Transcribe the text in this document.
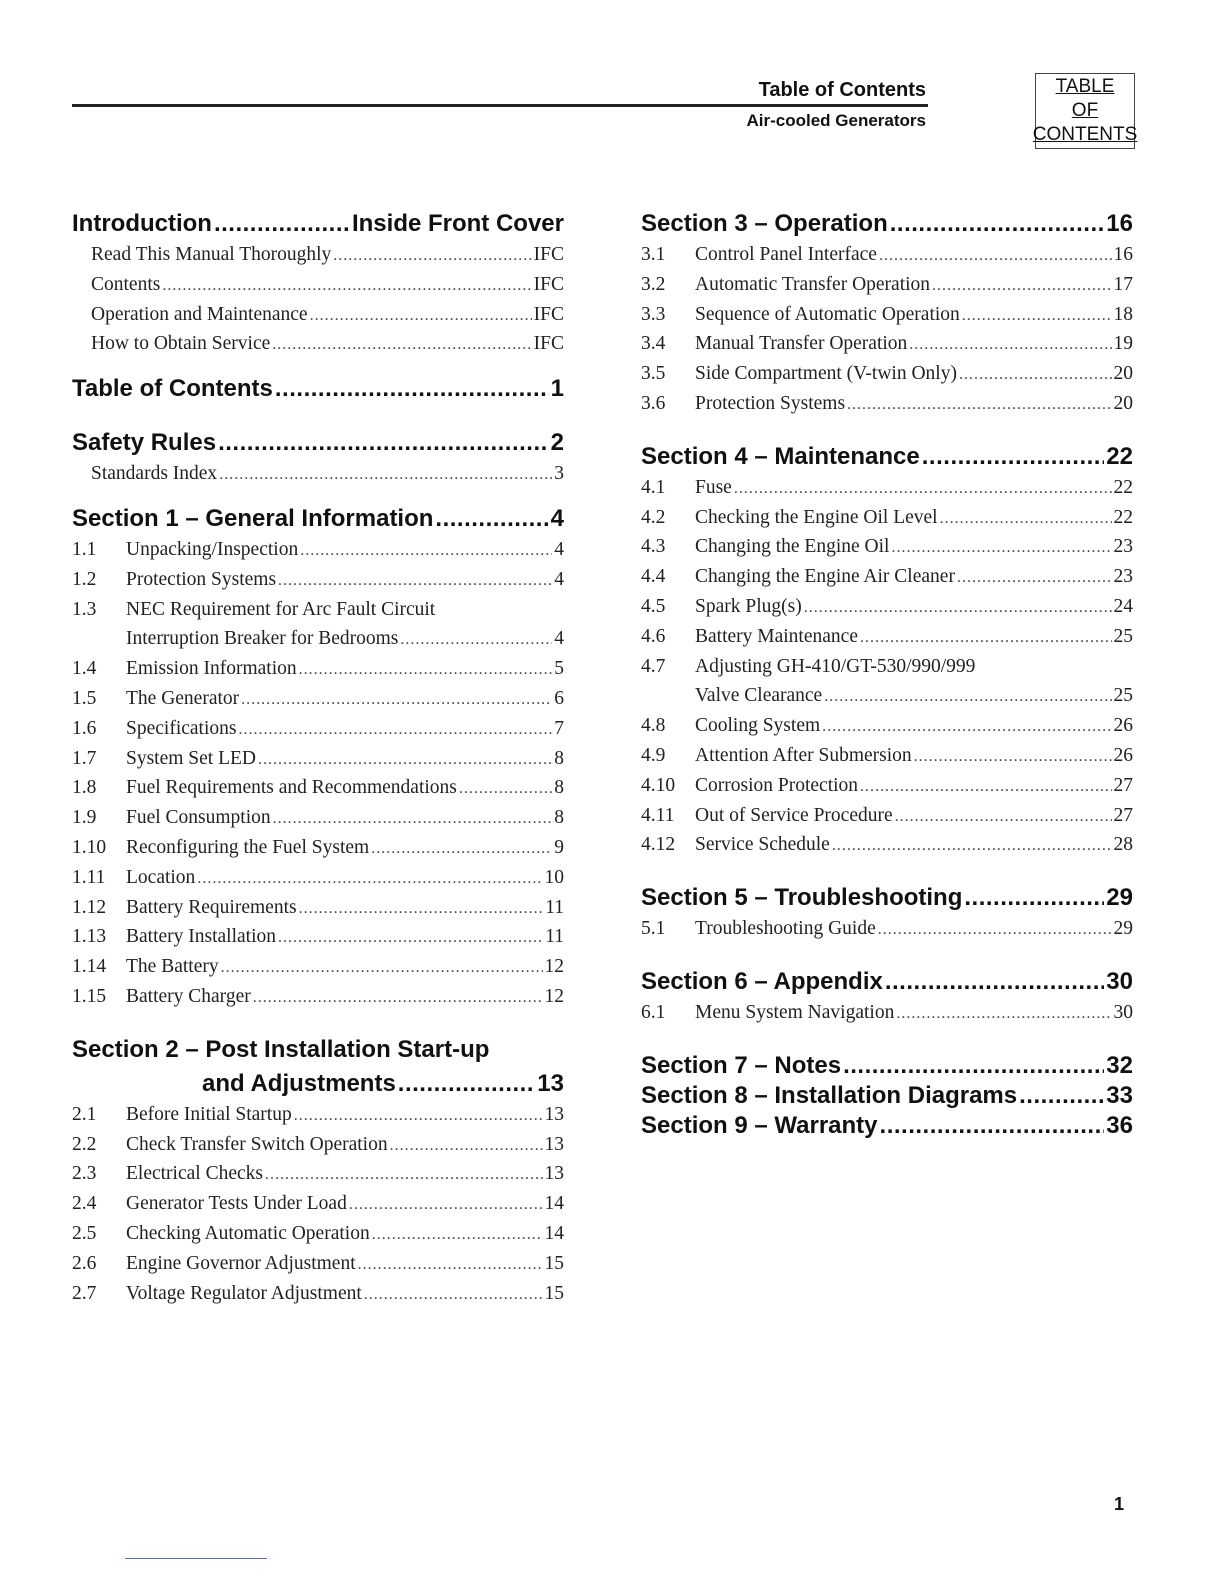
Table of Contents
Air-cooled Generators
TABLE
OF
CONTENTS
Introduction .....	Inside Front Cover
Read This Manual Thoroughly .....	IFC
Contents .....	IFC
Operation and Maintenance .....	IFC
How to Obtain Service .....	IFC
Table of Contents .....	1
Safety Rules .....	2
Standards Index .....	3
Section 1 – General Information .....	4
1.1	Unpacking/Inspection .....	4
1.2	Protection Systems .....	4
1.3	NEC Requirement for Arc Fault Circuit
Interruption Breaker for Bedrooms .....	4
1.4	Emission Information .....	5
1.5	The Generator .....	6
1.6	Specifications .....	7
1.7	System Set LED .....	8
1.8	Fuel Requirements and Recommendations .....	8
1.9	Fuel Consumption .....	8
1.10	Reconfiguring the Fuel System .....	9
1.11	Location .....	10
1.12	Battery Requirements .....	11
1.13	Battery Installation .....	11
1.14	The Battery .....	12
1.15	Battery Charger .....	12
Section 2 – Post Installation Start-up
and Adjustments .....	13
2.1	Before Initial Startup .....	13
2.2	Check Transfer Switch Operation .....	13
2.3	Electrical Checks .....	13
2.4	Generator Tests Under Load .....	14
2.5	Checking Automatic Operation .....	14
2.6	Engine Governor Adjustment .....	15
2.7	Voltage Regulator Adjustment .....	15
Section 3 – Operation .....	16
3.1	Control Panel Interface .....	16
3.2	Automatic Transfer Operation .....	17
3.3	Sequence of Automatic Operation .....	18
3.4	Manual Transfer Operation .....	19
3.5	Side Compartment (V-twin Only) .....	20
3.6	Protection Systems .....	20
Section 4 – Maintenance .....	22
4.1	Fuse .....	22
4.2	Checking the Engine Oil Level .....	22
4.3	Changing the Engine Oil .....	23
4.4	Changing the Engine Air Cleaner .....	23
4.5	Spark Plug(s) .....	24
4.6	Battery Maintenance .....	25
4.7	Adjusting GH-410/GT-530/990/999
Valve Clearance .....	25
4.8	Cooling System .....	26
4.9	Attention After Submersion .....	26
4.10	Corrosion Protection .....	27
4.11	Out of Service Procedure .....	27
4.12	Service Schedule .....	28
Section 5 – Troubleshooting .....	29
5.1	Troubleshooting Guide .....	29
Section 6 – Appendix .....	30
6.1	Menu System Navigation .....	30
Section 7 – Notes .....	32
Section 8 – Installation Diagrams .....	33
Section 9 – Warranty .....	36
1
